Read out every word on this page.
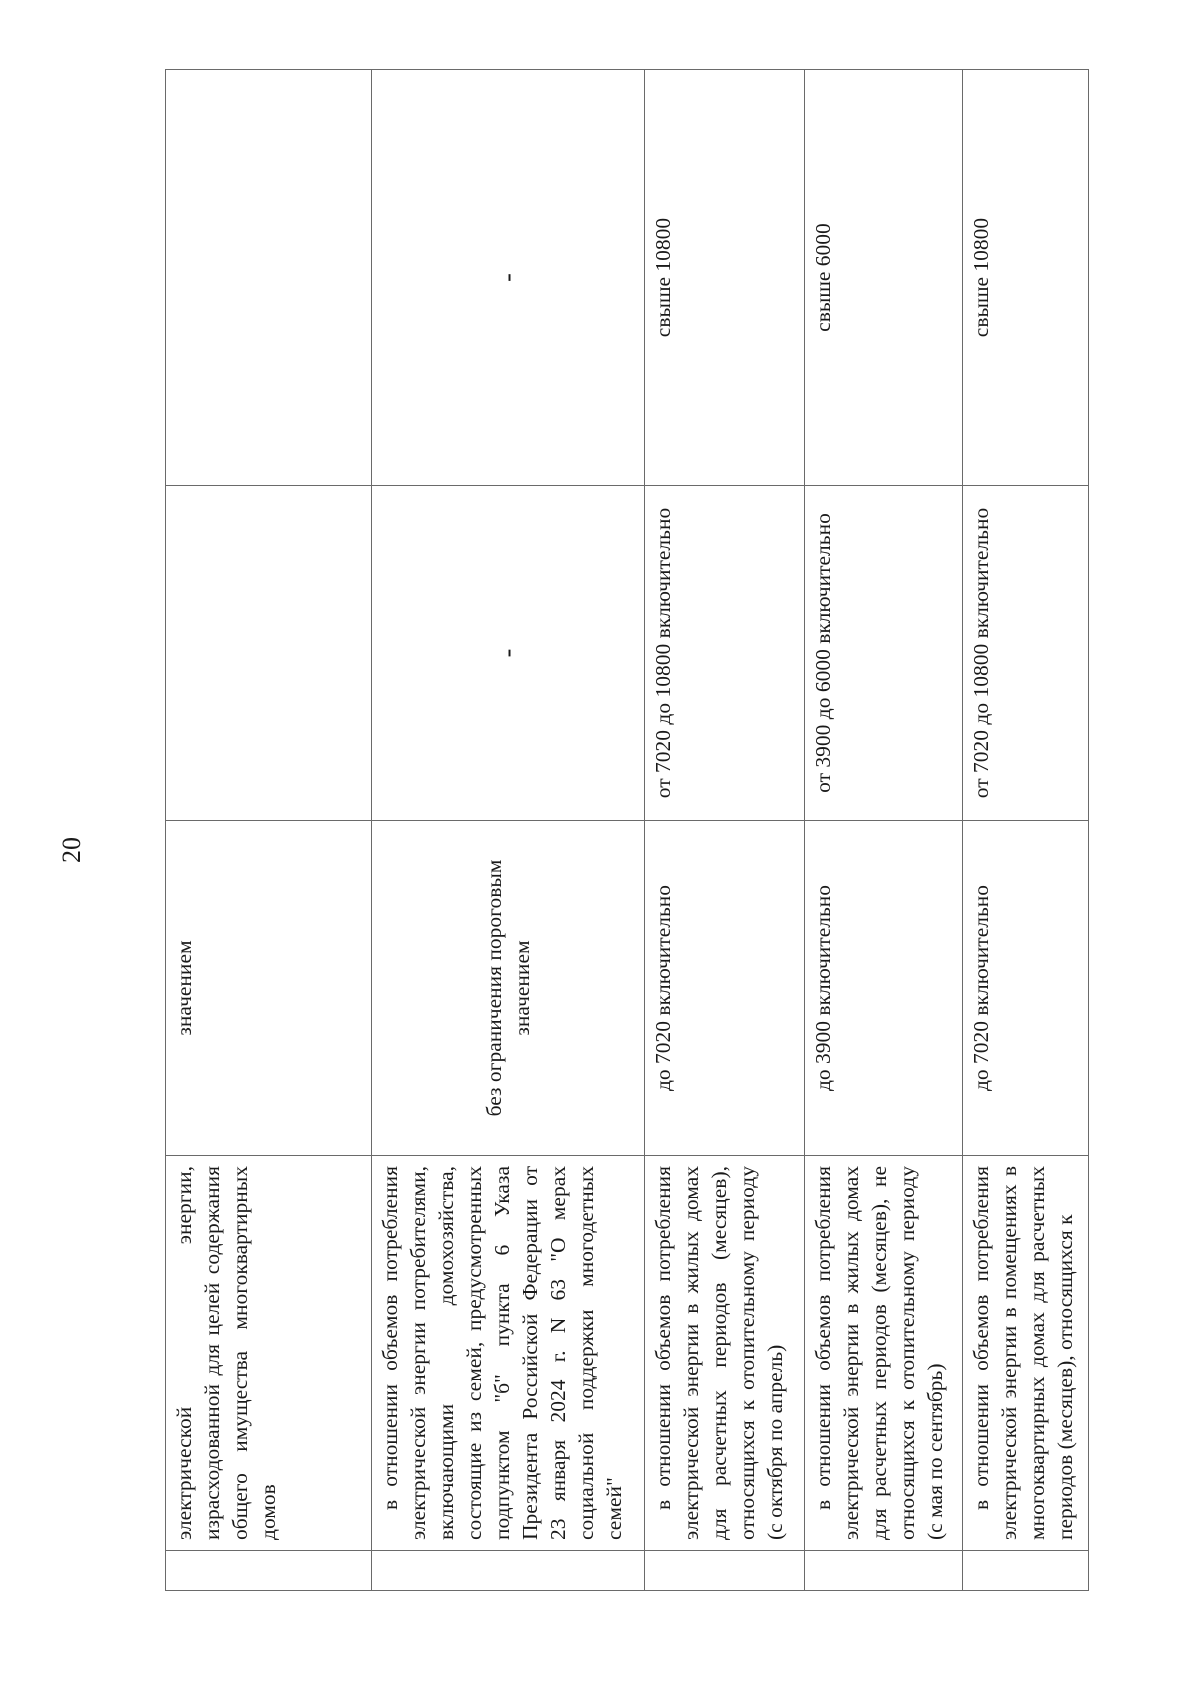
20

	электрической энергии, израсходованной для целей содержания общего имущества многоквартирных домов	значением		

	в отношении объемов потребления электрической энергии потребителями, включающими домохозяйства, состоящие из семей, предусмотренных подпунктом "б" пункта 6 Указа Президента Российской Федерации от 23 января 2024 г. N 63 "О мерах социальной поддержки многодетных семей"	без ограничения пороговым значением	-	-

	в отношении объемов потребления электрической энергии в жилых домах для расчетных периодов (месяцев), относящихся к отопительному периоду (с октября по апрель)	до 7020 включительно	от 7020 до 10800 включительно	свыше 10800

	в отношении объемов потребления электрической энергии в жилых домах для расчетных периодов (месяцев), не относящихся к отопительному периоду (с мая по сентябрь)	до 3900 включительно	от 3900 до 6000 включительно	свыше 6000

	в отношении объемов потребления электрической энергии в помещениях в многоквартирных домах для расчетных периодов (месяцев), относящихся к	до 7020 включительно	от 7020 до 10800 включительно	свыше 10800
